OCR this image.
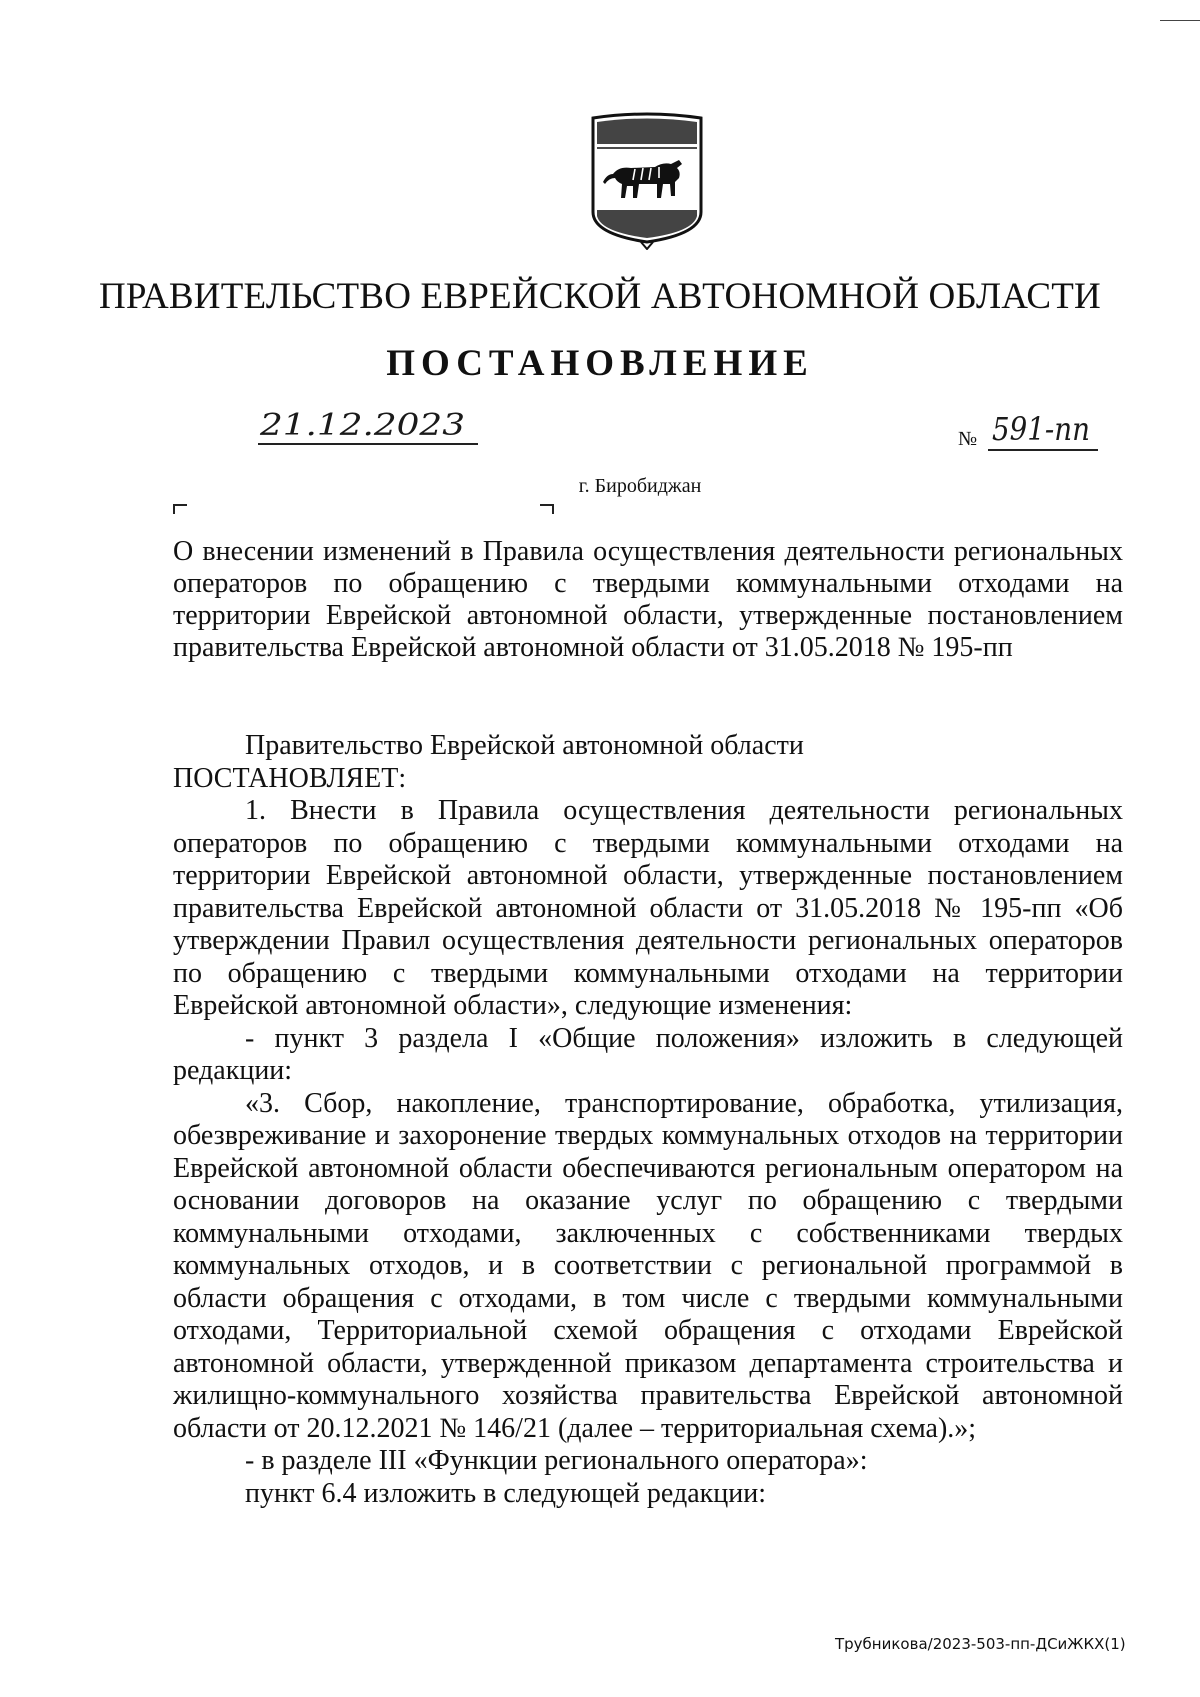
ПРАВИТЕЛЬСТВО ЕВРЕЙСКОЙ АВТОНОМНОЙ ОБЛАСТИ
ПОСТАНОВЛЕНИЕ
21.12.2023	№ 591-пп
г. Биробиджан
О внесении изменений в Правила осуществления деятельности региональных операторов по обращению с твердыми коммунальными отходами на территории Еврейской автономной области, утвержденные постановлением правительства Еврейской автономной области от 31.05.2018 № 195-пп

Правительство Еврейской автономной области

ПОСТАНОВЛЯЕТ:

1. Внести в Правила осуществления деятельности региональных операторов по обращению с твердыми коммунальными отходами на территории Еврейской автономной области, утвержденные постановлением правительства Еврейской автономной области от 31.05.2018 № 195-пп «Об утверждении Правил осуществления деятельности региональных операторов по обращению с твердыми коммунальными отходами на территории Еврейской автономной области», следующие изменения:

- пункт 3 раздела I «Общие положения» изложить в следующей редакции:

«3. Сбор, накопление, транспортирование, обработка, утилизация, обезвреживание и захоронение твердых коммунальных отходов на территории Еврейской автономной области обеспечиваются региональным оператором на основании договоров на оказание услуг по обращению с твердыми коммунальными отходами, заключенных с собственниками твердых коммунальных отходов, и в соответствии с региональной программой в области обращения с отходами, в том числе с твердыми коммунальными отходами, Территориальной схемой обращения с отходами Еврейской автономной области, утвержденной приказом департамента строительства и жилищно-коммунального хозяйства правительства Еврейской автономной области от 20.12.2021 № 146/21 (далее – территориальная схема).»;

- в разделе III «Функции регионального оператора»:

пункт 6.4 изложить в следующей редакции:

Трубникова/2023-503-пп-ДСиЖКХ(1)
